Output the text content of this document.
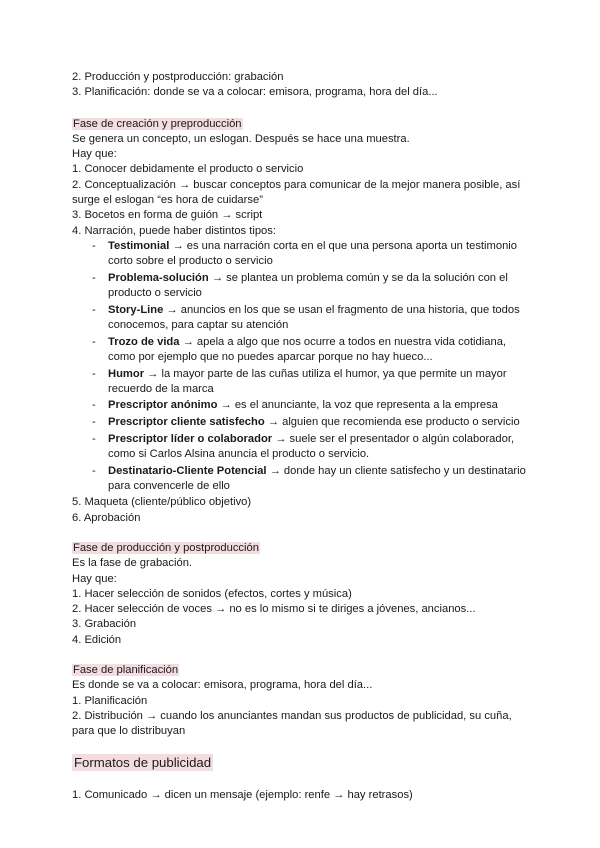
2. Producción y postproducción: grabación
3. Planificación: donde se va a colocar: emisora, programa, hora del día...
Fase de creación y preproducción
Se genera un concepto, un eslogan. Después se hace una muestra.
Hay que:
1. Conocer debidamente el producto o servicio
2. Conceptualización → buscar conceptos para comunicar de la mejor manera posible, así surge el eslogan “es hora de cuidarse”
3. Bocetos en forma de guión → script
4. Narración, puede haber distintos tipos:
- Testimonial → es una narración corta en el que una persona aporta un testimonio corto sobre el producto o servicio
- Problema-solución → se plantea un problema común y se da la solución con el producto o servicio
- Story-Line → anuncios en los que se usan el fragmento de una historia, que todos conocemos, para captar su atención
- Trozo de vida → apela a algo que nos ocurre a todos en nuestra vida cotidiana, como por ejemplo que no puedes aparcar porque no hay hueco...
- Humor → la mayor parte de las cuñas utiliza el humor, ya que permite un mayor recuerdo de la marca
- Prescriptor anónimo → es el anunciante, la voz que representa a la empresa
- Prescriptor cliente satisfecho → alguien que recomienda ese producto o servicio
- Prescriptor líder o colaborador → suele ser el presentador o algún colaborador, como si Carlos Alsina anuncia el producto o servicio.
- Destinatario-Cliente Potencial → donde hay un cliente satisfecho y un destinatario para convencerle de ello
5. Maqueta (cliente/público objetivo)
6. Aprobación
Fase de producción y postproducción
Es la fase de grabación.
Hay que:
1. Hacer selección de sonidos (efectos, cortes y música)
2. Hacer selección de voces → no es lo mismo si te diriges a jóvenes, ancianos...
3. Grabación
4. Edición
Fase de planificación
Es donde se va a colocar: emisora, programa, hora del día...
1. Planificación
2. Distribución → cuando los anunciantes mandan sus productos de publicidad, su cuña, para que lo distribuyan
Formatos de publicidad
1. Comunicado → dicen un mensaje (ejemplo: renfe → hay retrasos)
